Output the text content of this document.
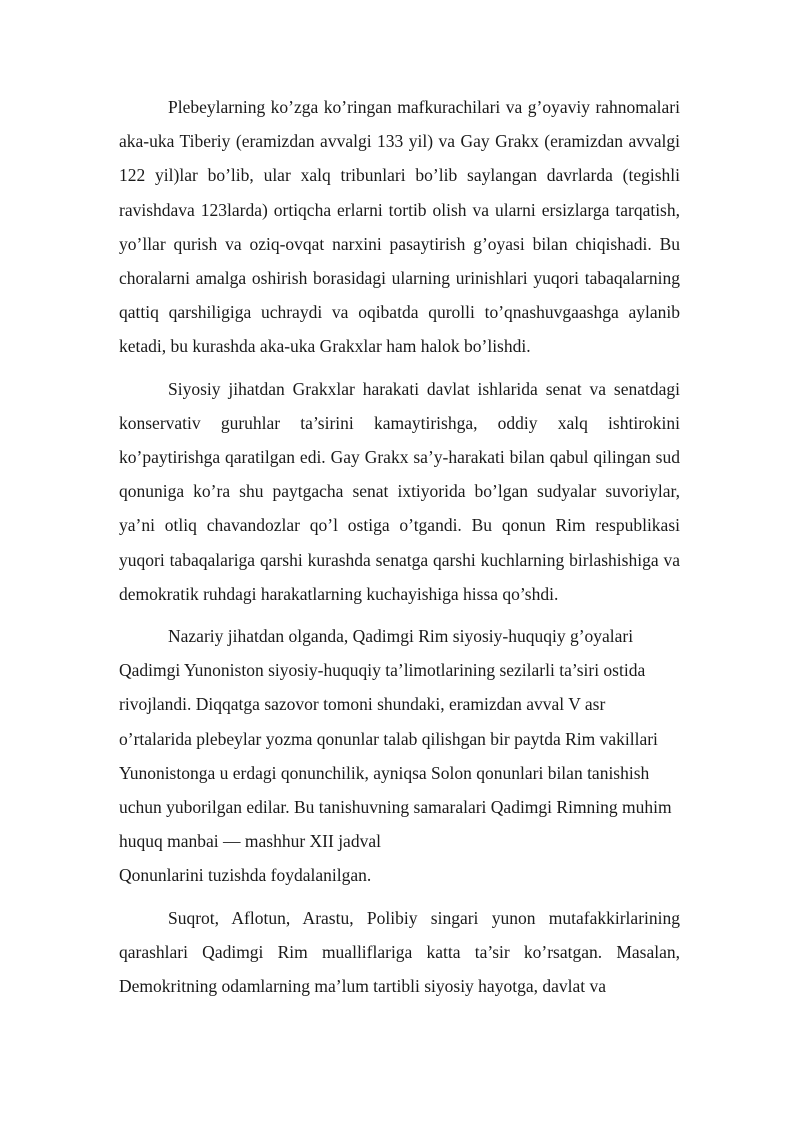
Plebeylarning ko’zga ko’ringan mafkurachilari va g’oyaviy rahnomalari aka-uka Tiberiy (eramizdan avvalgi 133 yil) va Gay Grakx (eramizdan avvalgi 122 yil)lar bo’lib, ular xalq tribunlari bo’lib saylangan davrlarda (tegishli ravishdava 123larda) ortiqcha erlarni tortib olish va ularni ersizlarga tarqatish, yo’llar qurish va oziq-ovqat narxini pasaytirish g’oyasi bilan chiqishadi. Bu choralarni amalga oshirish borasidagi ularning urinishlari yuqori tabaqalarning qattiq qarshiligiga uchraydi va oqibatda qurolli to’qnashuvgaashga aylanib ketadi, bu kurashda aka-uka Grakxlar ham halok bo’lishdi.

Siyosiy jihatdan Grakxlar harakati davlat ishlarida senat va senatdagi konservativ guruhlar ta’sirini kamaytirishga, oddiy xalq ishtirokini ko’paytirishga qaratilgan edi. Gay Grakx sa’y-harakati bilan qabul qilingan sud qonuniga ko’ra shu paytgacha senat ixtiyorida bo’lgan sudyalar suvoriylar, ya’ni otliq chavandozlar qo’l ostiga o’tgandi. Bu qonun Rim respublikasi yuqori tabaqalariga qarshi kurashda senatga qarshi kuchlarning birlashishiga va demokratik ruhdagi harakatlarning kuchayishiga hissa qo’shdi.

Nazariy jihatdan olganda, Qadimgi Rim siyosiy-huquqiy g’oyalari Qadimgi Yunoniston siyosiy-huquqiy ta’limotlarining sezilarli ta’siri ostida rivojlandi. Diqqatga sazovor tomoni shundaki, eramizdan avval V asr o’rtalarida plebeylar yozma qonunlar talab qilishgan bir paytda Rim vakillari Yunonistonga u erdagi qonunchilik, ayniqsa Solon qonunlari bilan tanishish uchun yuborilgan edilar. Bu tanishuvning samaralari Qadimgi Rimning muhim huquq manbai — mashhur XII jadval
Qonunlarini tuzishda foydalanilgan.

Suqrot, Aflotun, Arastu, Polibiy singari yunon mutafakkirlarining qarashlari Qadimgi Rim mualliflariga katta ta’sir ko’rsatgan. Masalan, Demokritning odamlarning ma’lum tartibli siyosiy hayotga, davlat va
